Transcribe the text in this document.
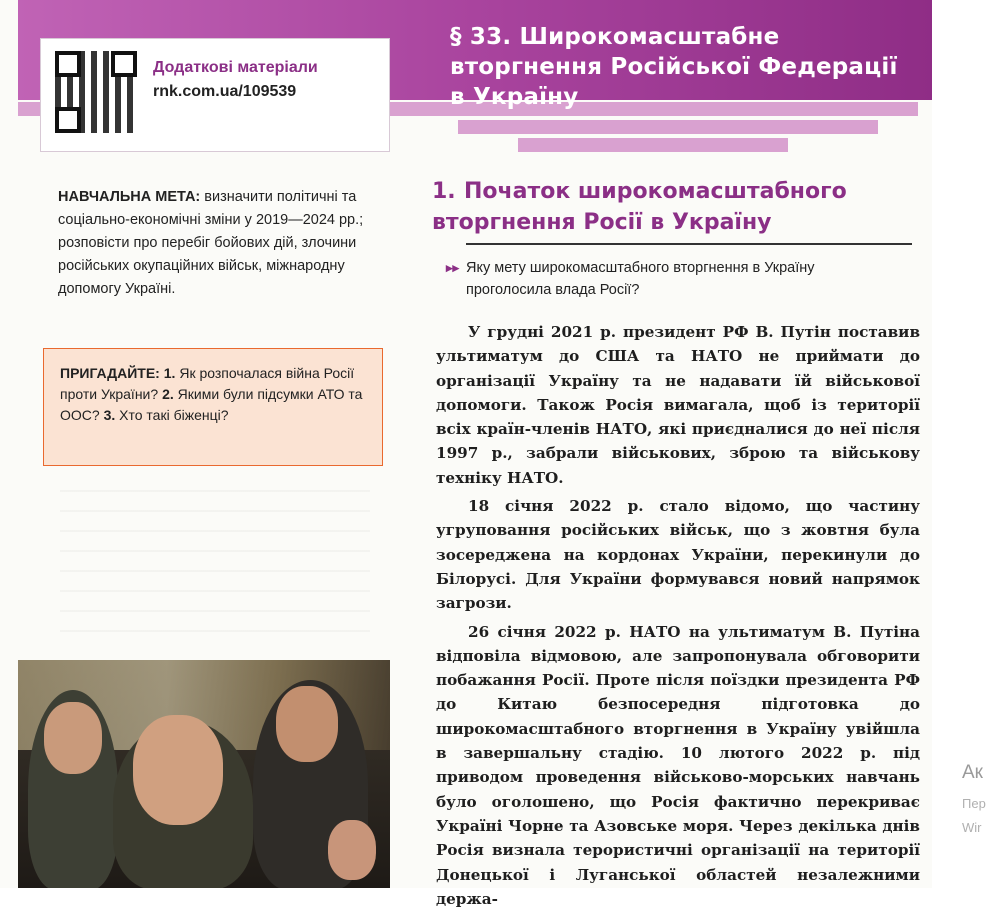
Додаткові матеріали
rnk.com.ua/109539
§ 33. Широкомасштабне вторгнення Російської Федерації в Україну
НАВЧАЛЬНА МЕТА: визначити політичні та соціально-економічні зміни у 2019—2024 рр.; розповісти про перебіг бойових дій, злочини російських окупаційних військ, міжнародну допомогу Україні.
ПРИГАДАЙТЕ: 1. Як розпочалася війна Росії проти України? 2. Якими були підсумки АТО та ООС? 3. Хто такі біженці?
1. Початок широкомасштабного вторгнення Росії в Україну
▸▸ Яку мету широкомасштабного вторгнення в Україну проголосила влада Росії?

У грудні 2021 р. президент РФ В. Путін поставив ультиматум до США та НАТО не приймати до організації Україну та не надавати їй військової допомоги. Також Росія вимагала, щоб із території всіх країн-членів НАТО, які приєдналися до неї після 1997 р., забрали військових, зброю та військову техніку НАТО.

18 січня 2022 р. стало відомо, що частину угруповання російських військ, що з жовтня була зосереджена на кордонах України, перекинули до Білорусі. Для України формувався новий напрямок загрози.

26 січня 2022 р. НАТО на ультиматум В. Путіна відповіла відмовою, але запропонувала обговорити побажання Росії. Проте після поїздки президента РФ до Китаю безпосередня підготовка до широкомасштабного вторгнення в Україну увійшла в завершальну стадію. 10 лютого 2022 р. під приводом проведення військово-морських навчань було оголошено, що Росія фактично перекриває Україні Чорне та Азовське моря. Через декілька днів Росія визнала терористичні організації на території Донецької і Луганської областей незалежними держа-

Ак
Пер
Wir
